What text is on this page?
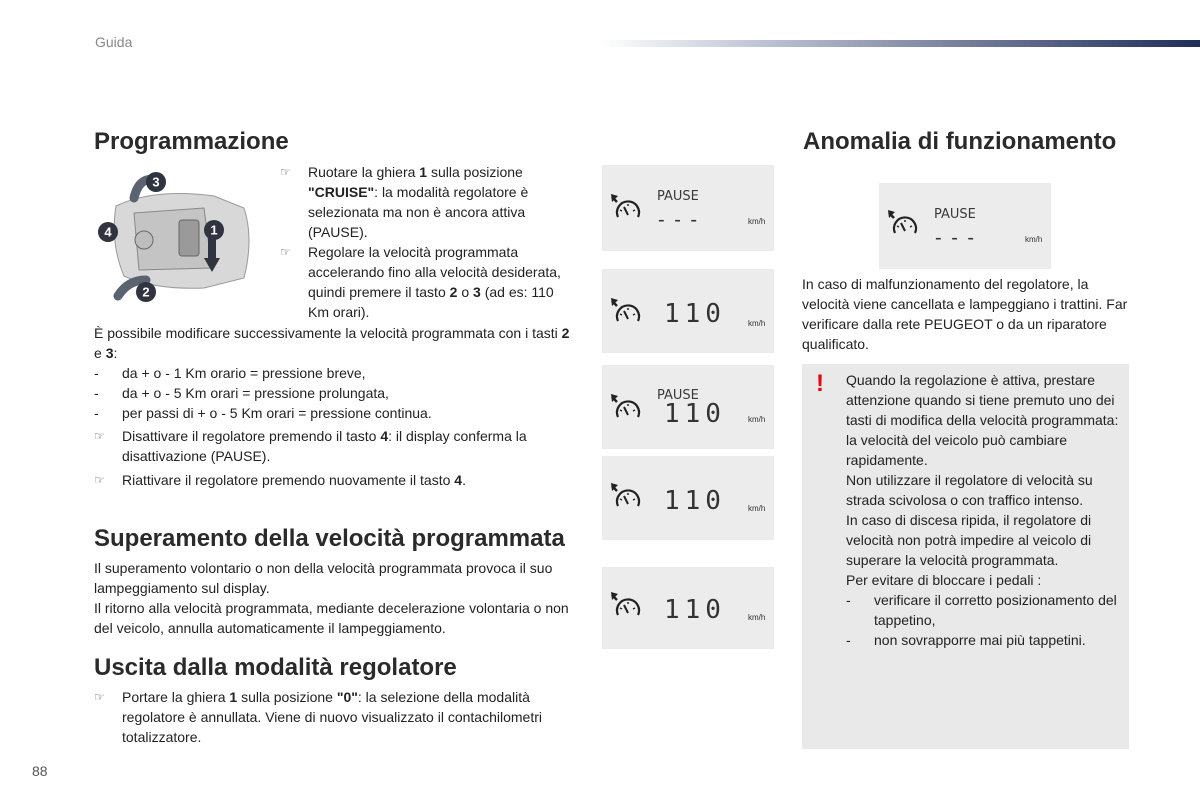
Guida
Programmazione
3
1
2
4

☞ Ruotare la ghiera 1 sulla posizione "CRUISE": la modalità regolatore è selezionata ma non è ancora attiva (PAUSE).

☞ Regolare la velocità programmata accelerando fino alla velocità desiderata, quindi premere il tasto 2 o 3 (ad es: 110 Km orari).

È possibile modificare successivamente la velocità programmata con i tasti 2 e 3:
- da + o - 1 Km orario = pressione breve,
- da + o - 5 Km orari = pressione prolungata,
- per passi di + o - 5 Km orari = pressione continua.

☞ Disattivare il regolatore premendo il tasto 4: il display conferma la disattivazione (PAUSE).

☞ Riattivare il regolatore premendo nuovamente il tasto 4.

Superamento della velocità programmata
Il superamento volontario o non della velocità programmata provoca il suo lampeggiamento sul display.
Il ritorno alla velocità programmata, mediante decelerazione volontaria o non del veicolo, annulla automaticamente il lampeggiamento.
Uscita dalla modalità regolatore

☞ Portare la ghiera 1 sulla posizione "0": la selezione della modalità regolatore è annullata. Viene di nuovo visualizzato il contachilometri totalizzatore.

PAUSE
- - -	km/h
110	km/h
PAUSE
110	km/h
110	km/h
110	km/h
Anomalia di funzionamento
PAUSE
- - -	km/h
In caso di malfunzionamento del regolatore, la velocità viene cancellata e lampeggiano i trattini. Far verificare dalla rete PEUGEOT o da un riparatore qualificato.
! Quando la regolazione è attiva, prestare attenzione quando si tiene premuto uno dei tasti di modifica della velocità programmata: la velocità del veicolo può cambiare rapidamente.
Non utilizzare il regolatore di velocità su strada scivolosa o con traffico intenso.
In caso di discesa ripida, il regolatore di velocità non potrà impedire al veicolo di superare la velocità programmata.
Per evitare di bloccare i pedali :
- verificare il corretto posizionamento del tappetino,
- non sovrapporre mai più tappetini.
88
